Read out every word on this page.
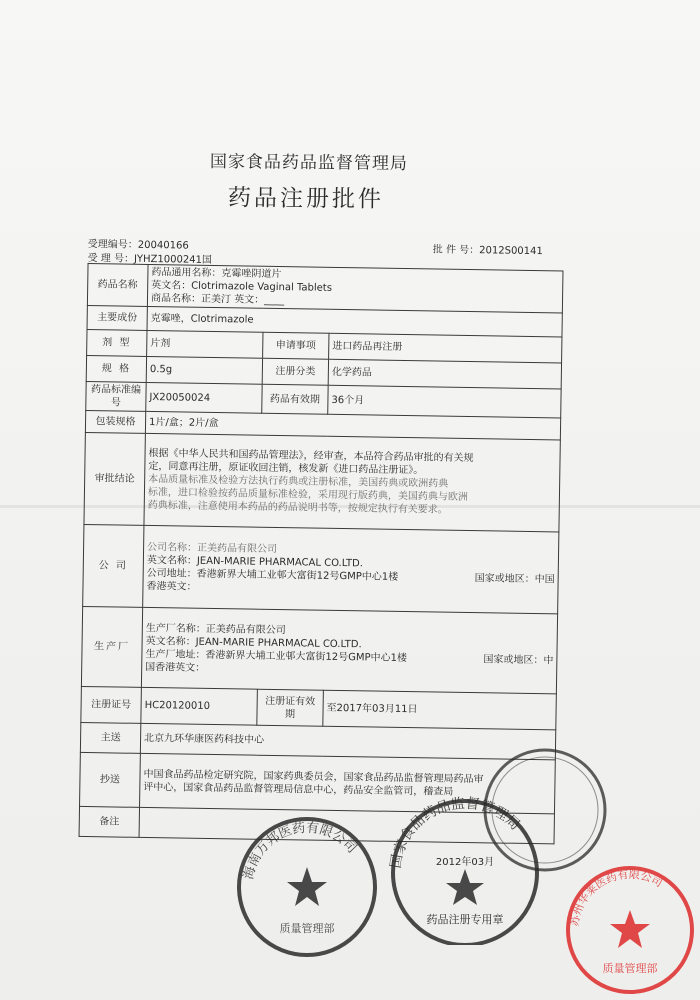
国家食品药品监督管理局
药品注册批件
受理编号：20040166
受 理 号：JYHZ1000241国
批 件 号：2012S00141
药品名称	药品通用名称：克霉唑阴道片
英文名：Clotrimazole Vaginal Tablets
商品名称：正美汀 英文：____		

主要成份	克霉唑，Clotrimazole		
剂 型	片剂	申请事项	进口药品再注册
规 格	0.5g	注册分类	化学药品
药品标准编号	JX20050024	药品有效期	36个月
包装规格	1片/盒；2片/盒		
审批结论	根据《中华人民共和国药品管理法》，经审查，本品符合药品审批的有关规
定，同意再注册，原证收回注销，核发新《进口药品注册证》。
本品质量标准及检验方法执行药典或注册标准，美国药典或欧洲药典
标准，进口检验按药品质量标准检验，采用现行版药典，美国药典与欧洲
药典标准，注意使用本药品的药品说明书等，按规定执行有关要求。		

公 司	公司名称：正美药品有限公司
英文名称：JEAN-MARIE PHARMACAL CO.LTD.
公司地址：香港新界大埔工业邨大富街12号GMP中心1楼 国家或地区：中国
香港英文：		

生产厂	生产厂名称：正美药品有限公司
英文名称：JEAN-MARIE PHARMACAL CO.LTD.
生产厂地址：香港新界大埔工业邨大富街12号GMP中心1楼 国家或地区：中
国香港英文：		

注册证号	HC20120010	注册证有效期	至2017年03月11日
主送	北京九环华康医药科技中心		
抄送	中国食品药品检定研究院，国家药典委员会，国家食品药品监督管理局药品审
评中心，国家食品药品监督管理局信息中心，药品安全监管司，稽查局		

备注			
海南万邦医药有限公司
质量管理部
国家食品药品监督管理局
2012年03月
药品注册专用章	苏州华莱医药有限公司
质量管理部
